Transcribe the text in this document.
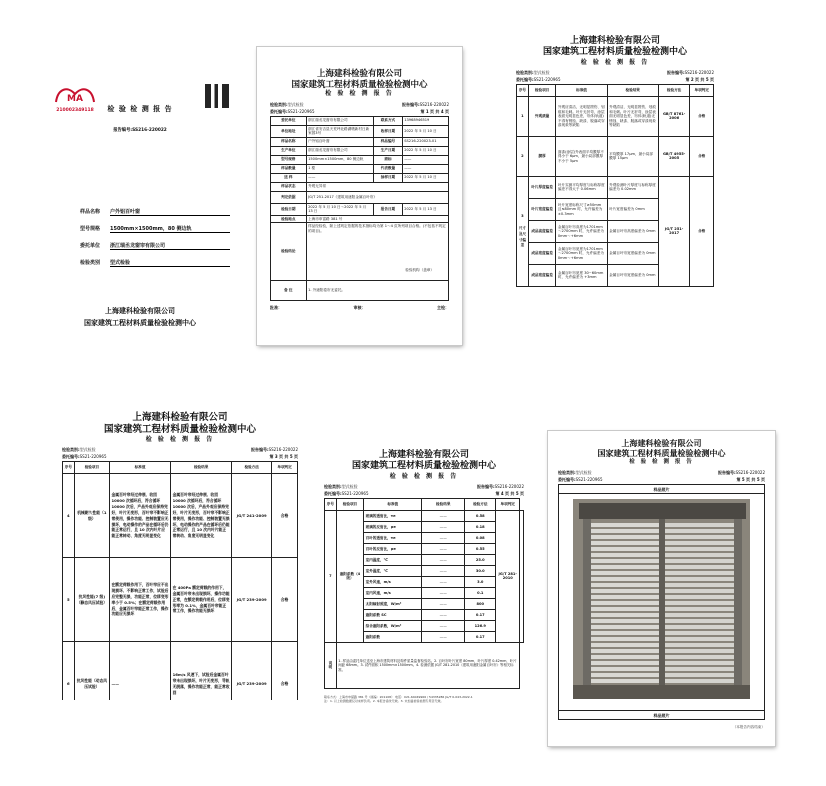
MA
210002349118	检 验 检 测 报 告
报告编号:SS216-220022
样品名称	户外铝百叶窗
型号规格	1500mm×1500mm，80 侧边轨
委托单位	浙江瑞丞龙窗帘有限公司
检验类别	型式检验
上海建科检验有限公司
国家建筑工程材料质量检验检测中心
上海建科检验有限公司
国家建筑工程材料质量检验检测中心
检 验 检 测 报 告
检验类别:型式检验	报告编号:SS216-220022
委托编号:SS21-220965	第 1 页 共 4 页
委托单位	浙江瑞丞龙窗帘有限公司	联系方式	13968946519
单位地址	浙江省安吉县天荒坪北路湖墩新村日新家园3号	收样日期	2022 年 5 月 10 日
样品名称	户外铝百叶窗	样品编号	SS216-220023-01
生产单位	浙江瑞丞龙窗帘有限公司	生产日期	2022 年 5 月 10 日
型号规格	1500mm×1500mm，80 侧边轨	商标	——
样品数量	1 樘	代表数量	——
送 样	——	抽样日期	2022 年 5 月 10 日
样品状态	外观无异常		
判定依据	JG/T 251-2017《建筑用遮阳金属百叶帘》		
检验日期	2022 年 5 月 10 日～2022 年 5 月 13 日	报告日期	2022 年 5 月 13 日
检验地点	上海市申富路 381 号		
检验结论	样品经检验，除上述判定依据的技术指标均为第 1～4 页所列项目合格。(不包括不判定的项目)。
检验机构（盖章）		

备 注	1. 外遮阳卷帘无委托。		
批准：	审核：	主检：
上海建科检验有限公司
国家建筑工程材料质量检验检测中心
检 验 检 测 报 告
检验类别:型式检验	报告编号:SS216-220022
委托编号:SS21-220965	第 2 页 共 5 页
序号	检验项目	标准值	检验结果	检验方法	单项判定
1	外观质量	外观应清洁，无明显擦伤、划痕和毛刺。叶片无折弯，涂层表面无明显色差，帘体(轨道)不得有锈蚀、缺漆、脱落或穿漆现象等缺陷	外观清洁，无明显擦伤、划痕和毛刺。叶片无折弯，涂层表面无明显色差，帘体(轨道)无锈蚀、缺漆、脱落或穿漆现象等缺陷	GB/T 8761-2006	合格
2	膜厚	面漆(涂层)外表面平均膜厚不得小于 6μm，最小局部膜厚不小于 5μm	平均膜厚 17μm，最小局部膜厚 15μm	GB/T 4955-2005	合格

3
尺寸及尺寸偏差	叶片厚度偏差	叶片实测平均厚度与标称厚度偏差不得大于 0.06mm	外观检测叶片厚度与标称厚度偏差为 0.02mm	JG/T 251-2017	合格
	叶片宽度偏差	叶片宽度标称尺寸≥50mm 且≤80mm 时，允许偏差为 ±0.3mm	叶片宽度偏差为 0mm		
	成品高度偏差	金属百叶帘高度为1701mm～2700mm 时，允许偏差为 0mm～+6mm	金属百叶帘高度偏差为 0mm		
	成品宽度偏差	金属百叶帘宽度为1701mm～2700mm 时，允许偏差为 0mm～+6mm	金属百叶帘宽度偏差为 0mm		
	成品宽度偏差	金属百叶帘宽度 30~60mm 时，允许偏差为 +3mm	金属百叶帘宽度偏差为 0mm		
上海建科检验有限公司
国家建筑工程材料质量检验检测中心
检 验 检 测 报 告
检验类别:型式检验	报告编号:SS216-220022
委托编号:SS21-220965	第 3 页 共 5 页
序号	检验项目	标准值	检验结果	检验方法	单项判定
4	机械耐久性能（1 级）	金属百叶帘经过伸展、收回 10000 次循环后，符合循环 10000 次后，产品外观应保持完好，叶片无变形，百叶帘不影响正常使用，操作功能、控制装置应无损坏，电动操作的产品在循环后仍能正常运行，且 10 次内叶片应能正常转动、角度无明显变化	金属百叶帘经过伸展、收回 10000 次循环后，符合循环 10000 次后，产品外观应保持完好，叶片无变形，百叶帘不影响正常使用，操作功能、控制装置无损坏，电动操作的产品在循环后仍能正常运行，且 10 次内叶片能正常转动、角度无明显变化	JG/T 241-2009	合格
5	抗风性能(7 级)（静态风压试验）	在额定荷载作用下，百叶帘应不出现损坏、不影响正常工作，试验后应完整无损，功能正常，位移变形率小于 0.5%；在额定荷载作用后，金属百叶帘能正常工作，操作功能应无损坏	在 400Pa 额定荷载的作用下，金属百叶帘未出现损坏，操作功能正常，在额定荷载作用后，位移变形率为 0.1%，金属百叶帘能正常工作，操作功能无损坏	JG/T 239-2009	合格
6	抗风性能（动态风压试验）	——	16m/s 风速下，试验后金属百叶帘未出现损坏，叶片无变形，导轨无脱落，操作功能正常，能正常收回	JG/T 239-2009	合格
上海建科检验有限公司
国家建筑工程材料质量检验检测中心
检 验 检 测 报 告
检验类别:型式检验	报告编号:SS216-220022
委托编号:SS21-220965	第 4 页 共 5 页
序号	检验项目	标准值	检验结果	检验方法	单项判定	
7	遮阳系数（4 级）	玻璃的透射比，τe	——	0.58	JG/T 281-2010	
		玻璃的反射比，ρe	——	0.18		
		百叶的透射比，τe	——	0.08		
		百叶的反射比，ρe	——	0.55		
		室内温度，℃	——	25.0		
		室外温度，℃	——	30.0		
		室外风速，m/s	——	3.0		
		室内风速，m/s	——	0.1		
		太阳辐射照度，W/m²	——	800		
		遮阳系数 SC	——	0.17		
		综合遮阳系数，W/m²	——	126.9		
		遮阳系数	——	0.17		
说 明	1. 样品由委托单位送至上海市建筑材料及构件质量监督检验站。2. 百叶帘叶片宽度 80mm，叶片厚度 0.42mm，叶片间距 68mm。3. 试件面积 1500mm×1500mm。4. 检测依据 JG/T 281-2010《建筑用遮阳金属百叶帘》等相关标准。					
联系方式：上海市申富路 381 号（邮编：201108） 电话：021-64049966 / 54335286 JG/T 0-043-2022-1
注：1. 以上检测数据仅对来样负责。2. 本报告涂改无效。3. 未加盖检验检测专用章无效。
上海建科检验有限公司
国家建筑工程材料质量检验检测中心
检 验 检 测 报 告
检验类别:型式检验	报告编号:SS216-220022
委托编号:SS21-220965	第 5 页 共 5 页
样品照片
样品照片
（本报告内容结束）
